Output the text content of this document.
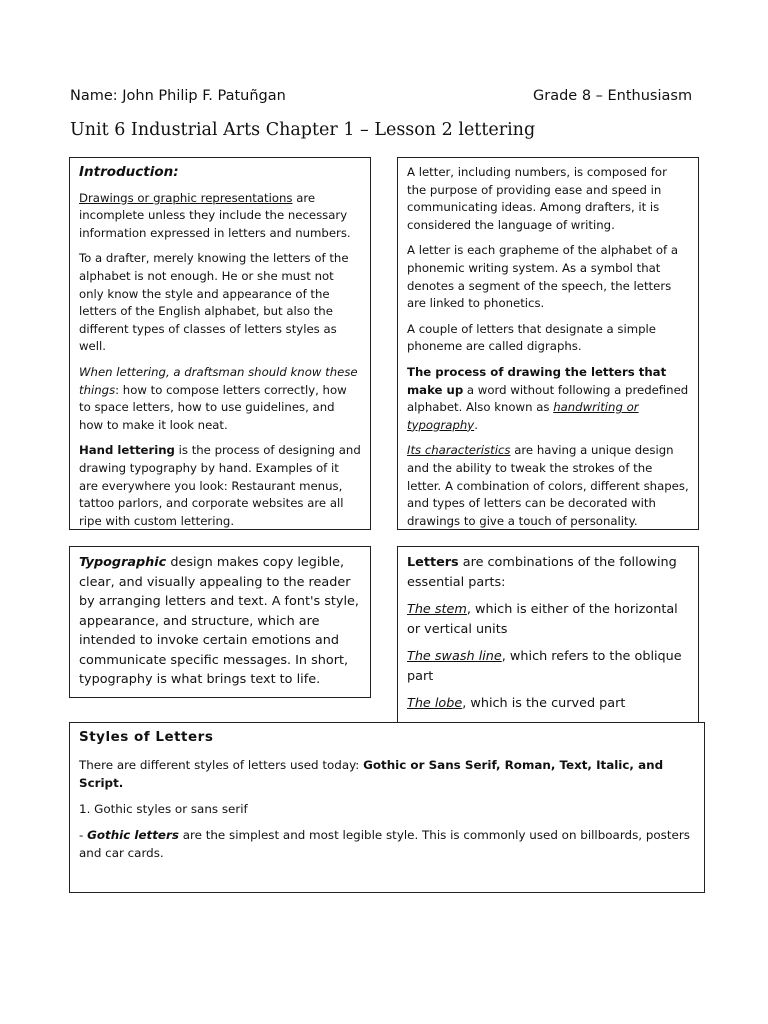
Name: John Philip F. Patuñgan	Grade 8 – Enthusiasm
Unit 6 Industrial Arts Chapter 1 – Lesson 2 lettering

Introduction:

Drawings or graphic representations are incomplete unless they include the necessary information expressed in letters and numbers.

To a drafter, merely knowing the letters of the alphabet is not enough. He or she must not only know the style and appearance of the letters of the English alphabet, but also the different types of classes of letters styles as well.

When lettering, a draftsman should know these things: how to compose letters correctly, how to space letters, how to use guidelines, and how to make it look neat.

Hand lettering is the process of designing and drawing typography by hand. Examples of it are everywhere you look: Restaurant menus, tattoo parlors, and corporate websites are all ripe with custom lettering.

A letter, including numbers, is composed for the purpose of providing ease and speed in communicating ideas. Among drafters, it is considered the language of writing.

A letter is each grapheme of the alphabet of a phonemic writing system. As a symbol that denotes a segment of the speech, the letters are linked to phonetics.

A couple of letters that designate a simple phoneme are called digraphs.

The process of drawing the letters that make up a word without following a predefined alphabet. Also known as handwriting or typography.

Its characteristics are having a unique design and the ability to tweak the strokes of the letter. A combination of colors, different shapes, and types of letters can be decorated with drawings to give a touch of personality.

Typographic design makes copy legible, clear, and visually appealing to the reader by arranging letters and text. A font's style, appearance, and structure, which are intended to invoke certain emotions and communicate specific messages. In short, typography is what brings text to life.

Letters are combinations of the following essential parts:

The stem, which is either of the horizontal or vertical units

The swash line, which refers to the oblique part

The lobe, which is the curved part

Styles of Letters

There are different styles of letters used today: Gothic or Sans Serif, Roman, Text, Italic, and Script.

1. Gothic styles or sans serif

- Gothic letters are the simplest and most legible style. This is commonly used on billboards, posters and car cards.
